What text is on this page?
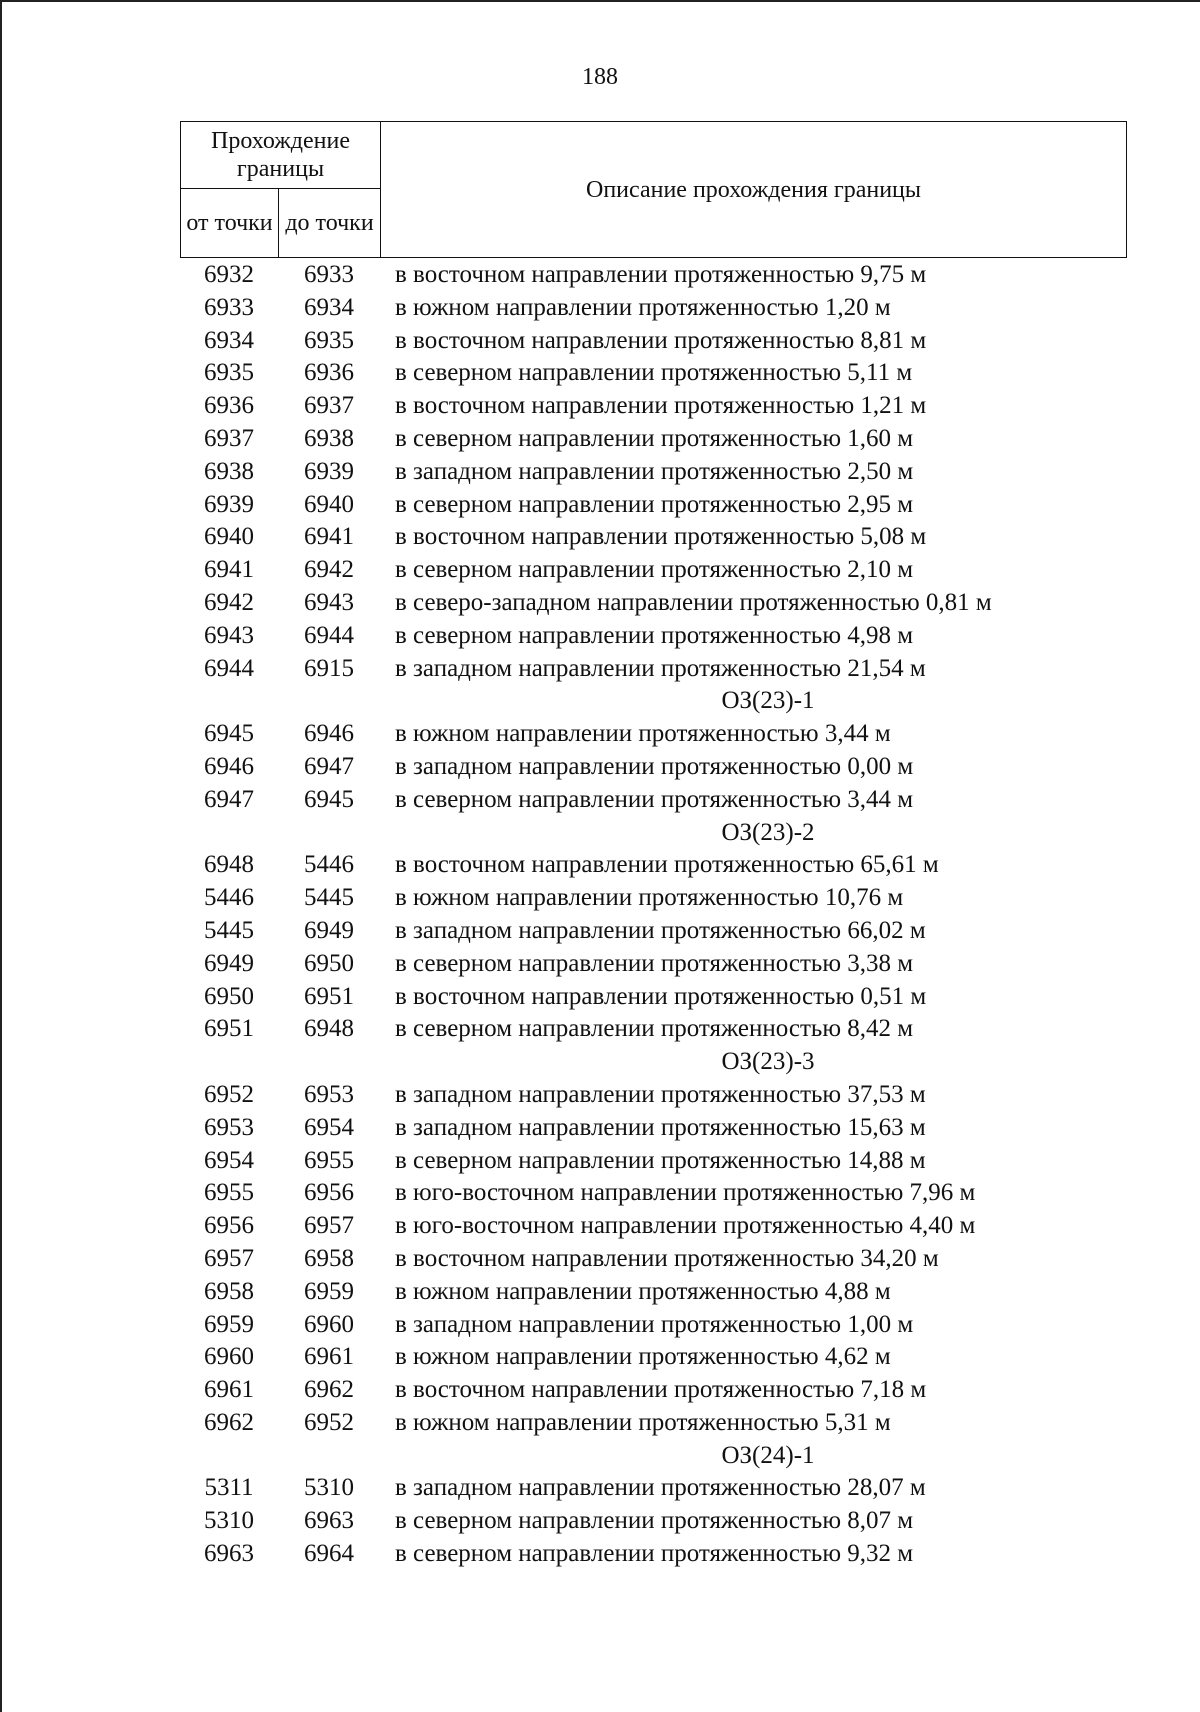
188
Прохождение границы		Описание прохождения границы
от точки	до точки	
6932	6933	в восточном направлении протяженностью 9,75 м
6933	6934	в южном направлении протяженностью 1,20 м
6934	6935	в восточном направлении протяженностью 8,81 м
6935	6936	в северном направлении протяженностью 5,11 м
6936	6937	в восточном направлении протяженностью 1,21 м
6937	6938	в северном направлении протяженностью 1,60 м
6938	6939	в западном направлении протяженностью 2,50 м
6939	6940	в северном направлении протяженностью 2,95 м
6940	6941	в восточном направлении протяженностью 5,08 м
6941	6942	в северном направлении протяженностью 2,10 м
6942	6943	в северо-западном направлении протяженностью 0,81 м
6943	6944	в северном направлении протяженностью 4,98 м
6944	6915	в западном направлении протяженностью 21,54 м
ОЗ(23)-1
6945	6946	в южном направлении протяженностью 3,44 м
6946	6947	в западном направлении протяженностью 0,00 м
6947	6945	в северном направлении протяженностью 3,44 м
ОЗ(23)-2
6948	5446	в восточном направлении протяженностью 65,61 м
5446	5445	в южном направлении протяженностью 10,76 м
5445	6949	в западном направлении протяженностью 66,02 м
6949	6950	в северном направлении протяженностью 3,38 м
6950	6951	в восточном направлении протяженностью 0,51 м
6951	6948	в северном направлении протяженностью 8,42 м
ОЗ(23)-3
6952	6953	в западном направлении протяженностью 37,53 м
6953	6954	в западном направлении протяженностью 15,63 м
6954	6955	в северном направлении протяженностью 14,88 м
6955	6956	в юго-восточном направлении протяженностью 7,96 м
6956	6957	в юго-восточном направлении протяженностью 4,40 м
6957	6958	в восточном направлении протяженностью 34,20 м
6958	6959	в южном направлении протяженностью 4,88 м
6959	6960	в западном направлении протяженностью 1,00 м
6960	6961	в южном направлении протяженностью 4,62 м
6961	6962	в восточном направлении протяженностью 7,18 м
6962	6952	в южном направлении протяженностью 5,31 м
ОЗ(24)-1
5311	5310	в западном направлении протяженностью 28,07 м
5310	6963	в северном направлении протяженностью 8,07 м
6963	6964	в северном направлении протяженностью 9,32 м
